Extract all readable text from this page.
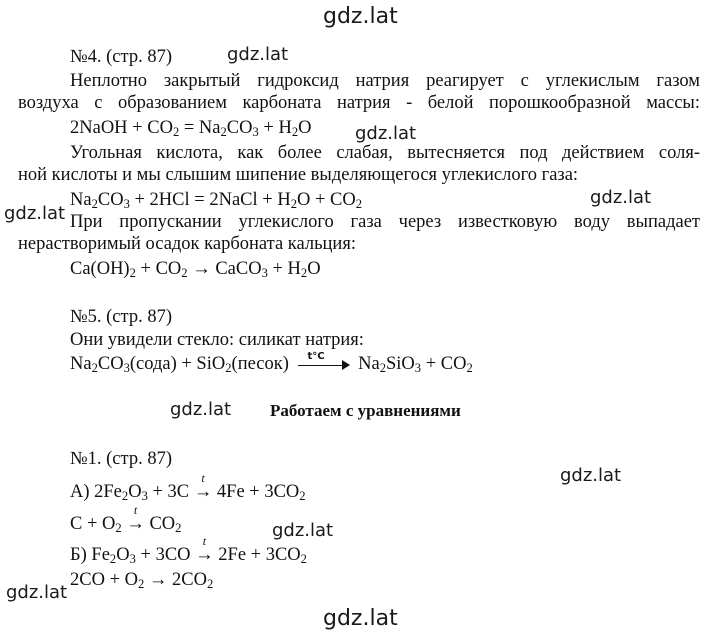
gdz.lat
gdz.lat
gdz.lat
gdz.lat
gdz.lat
gdz.lat
gdz.lat
gdz.lat
gdz.lat
gdz.lat
№4. (стр. 87)
Неплотно закрытый гидроксид натрия реагирует с углекислым газом
воздуха с образованием карбоната натрия - белой порошкообразной массы:
2NaOH + $CO_2 = Na_2CO_3 + H_2O$
Угольная кислота, как более слабая, вытесняется под действием соля-
ной кислоты и мы слышим шипение выделяющегося углекислого газа:
$Na_2CO_3 + 2HCl$ = 2NaCl + $H_2O + CO_2$
При пропускании углекислого газа через известковую воду выпадает
нерастворимый осадок карбоната кальция:
$Ca(OH)_2 + CO_2$ → CaCO$_3$ + $H_2O$
№5. (стр. 87)
Они увидели стекло: силикат натрия:
$Na_2CO_3(сода)$ + SiO$_2$(песок) t°C $Na_2SiO_3 + CO_2$
Работаем с уравнениями
№1. (стр. 87)
А) $2Fe_2O_3 + 3C$
t
→ $4Fe + 3CO_2$
$C + O_2$
t
→ $CO_2$
Б) $Fe_2O_3 + 3CO$
t
→ $2Fe + 3CO_2$
$2CO + O_2 \to 2CO_2$
